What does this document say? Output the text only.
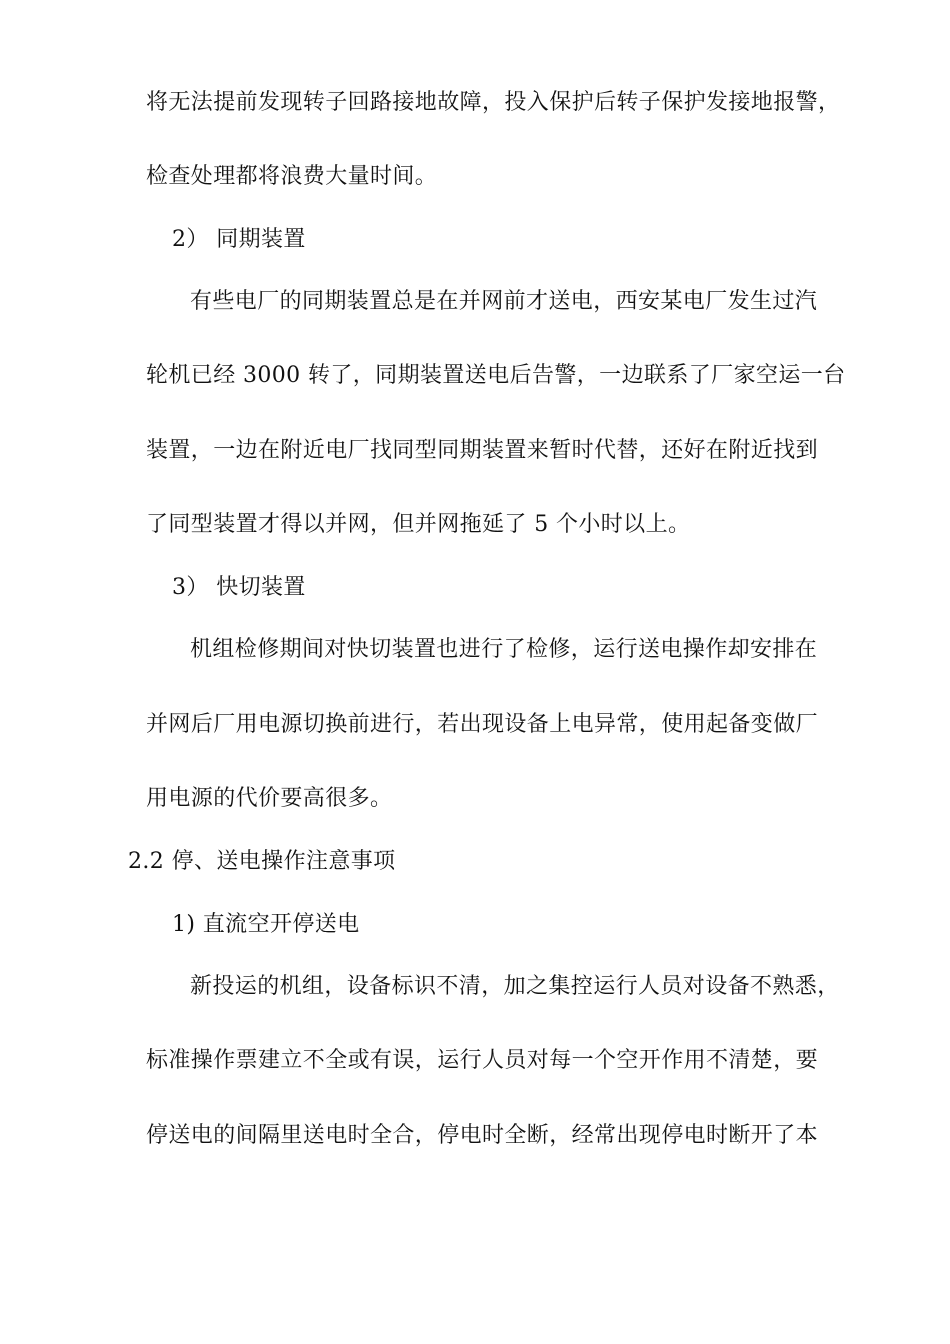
将无法提前发现转子回路接地故障，投入保护后转子保护发接地报警，
检查处理都将浪费大量时间。
2） 同期装置
有些电厂的同期装置总是在并网前才送电，西安某电厂发生过汽
轮机已经 3000 转了，同期装置送电后告警，一边联系了厂家空运一台
装置，一边在附近电厂找同型同期装置来暂时代替，还好在附近找到
了同型装置才得以并网，但并网拖延了 5 个小时以上。
3） 快切装置
机组检修期间对快切装置也进行了检修，运行送电操作却安排在
并网后厂用电源切换前进行，若出现设备上电异常，使用起备变做厂
用电源的代价要高很多。
2.2 停、送电操作注意事项
1) 直流空开停送电
新投运的机组，设备标识不清，加之集控运行人员对设备不熟悉，
标准操作票建立不全或有误，运行人员对每一个空开作用不清楚，要
停送电的间隔里送电时全合，停电时全断，经常出现停电时断开了本
